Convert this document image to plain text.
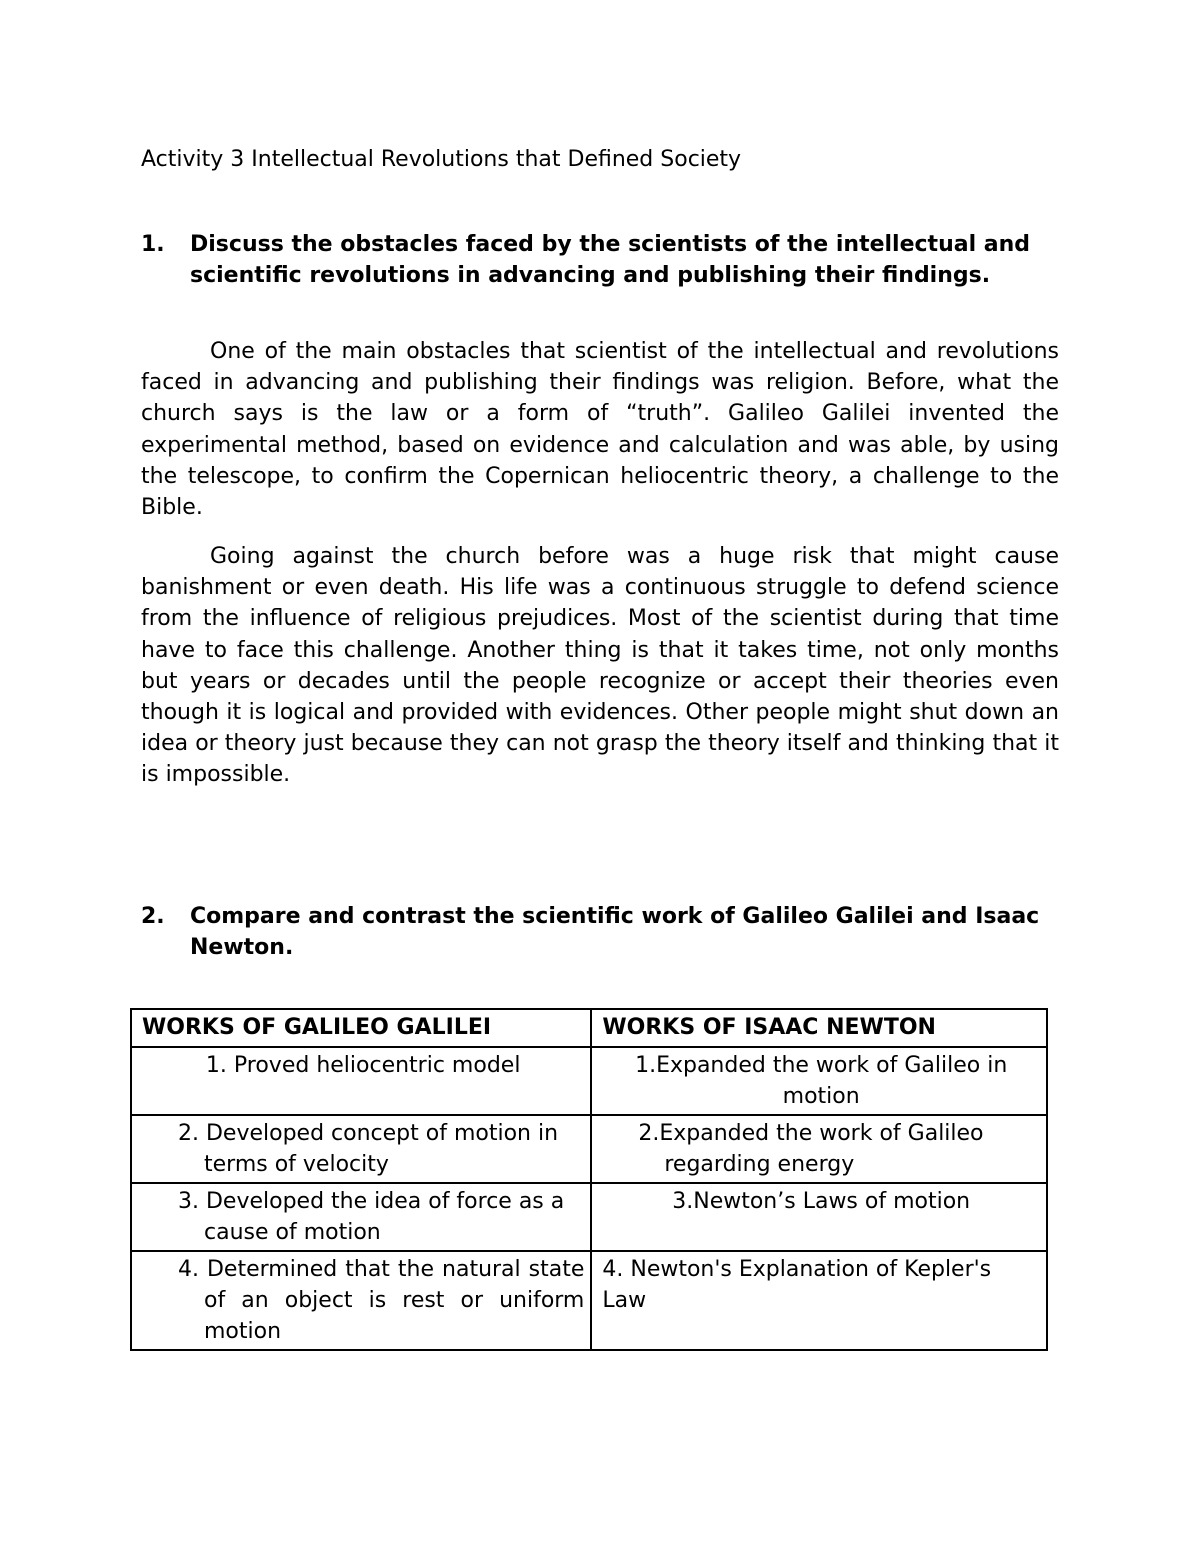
Activity 3 Intellectual Revolutions that Defined Society
1. Discuss the obstacles faced by the scientists of the intellectual and scientific revolutions in advancing and publishing their findings.

One of the main obstacles that scientist of the intellectual and revolutions faced in advancing and publishing their findings was religion. Before, what the church says is the law or a form of “truth”. Galileo Galilei invented the experimental method, based on evidence and calculation and was able, by using the telescope, to confirm the Copernican heliocentric theory, a challenge to the Bible.

Going against the church before was a huge risk that might cause banishment or even death. His life was a continuous struggle to defend science from the influence of religious prejudices. Most of the scientist during that time have to face this challenge. Another thing is that it takes time, not only months but years or decades until the people recognize or accept their theories even though it is logical and provided with evidences. Other people might shut down an idea or theory just because they can not grasp the theory itself and thinking that it is impossible.

2. Compare and contrast the scientific work of Galileo Galilei and Isaac Newton.
WORKS OF GALILEO GALILEI	WORKS OF ISAAC NEWTON
1. Proved heliocentric model	1.Expanded the work of Galileo in motion
2. Developed concept of motion in terms of velocity	2.Expanded the work of Galileo regarding energy
3. Developed the idea of force as a cause of motion	3.Newton’s Laws of motion
4. Determined that the natural state of an object is rest or uniform motion	4. Newton's Explanation of Kepler's Law
